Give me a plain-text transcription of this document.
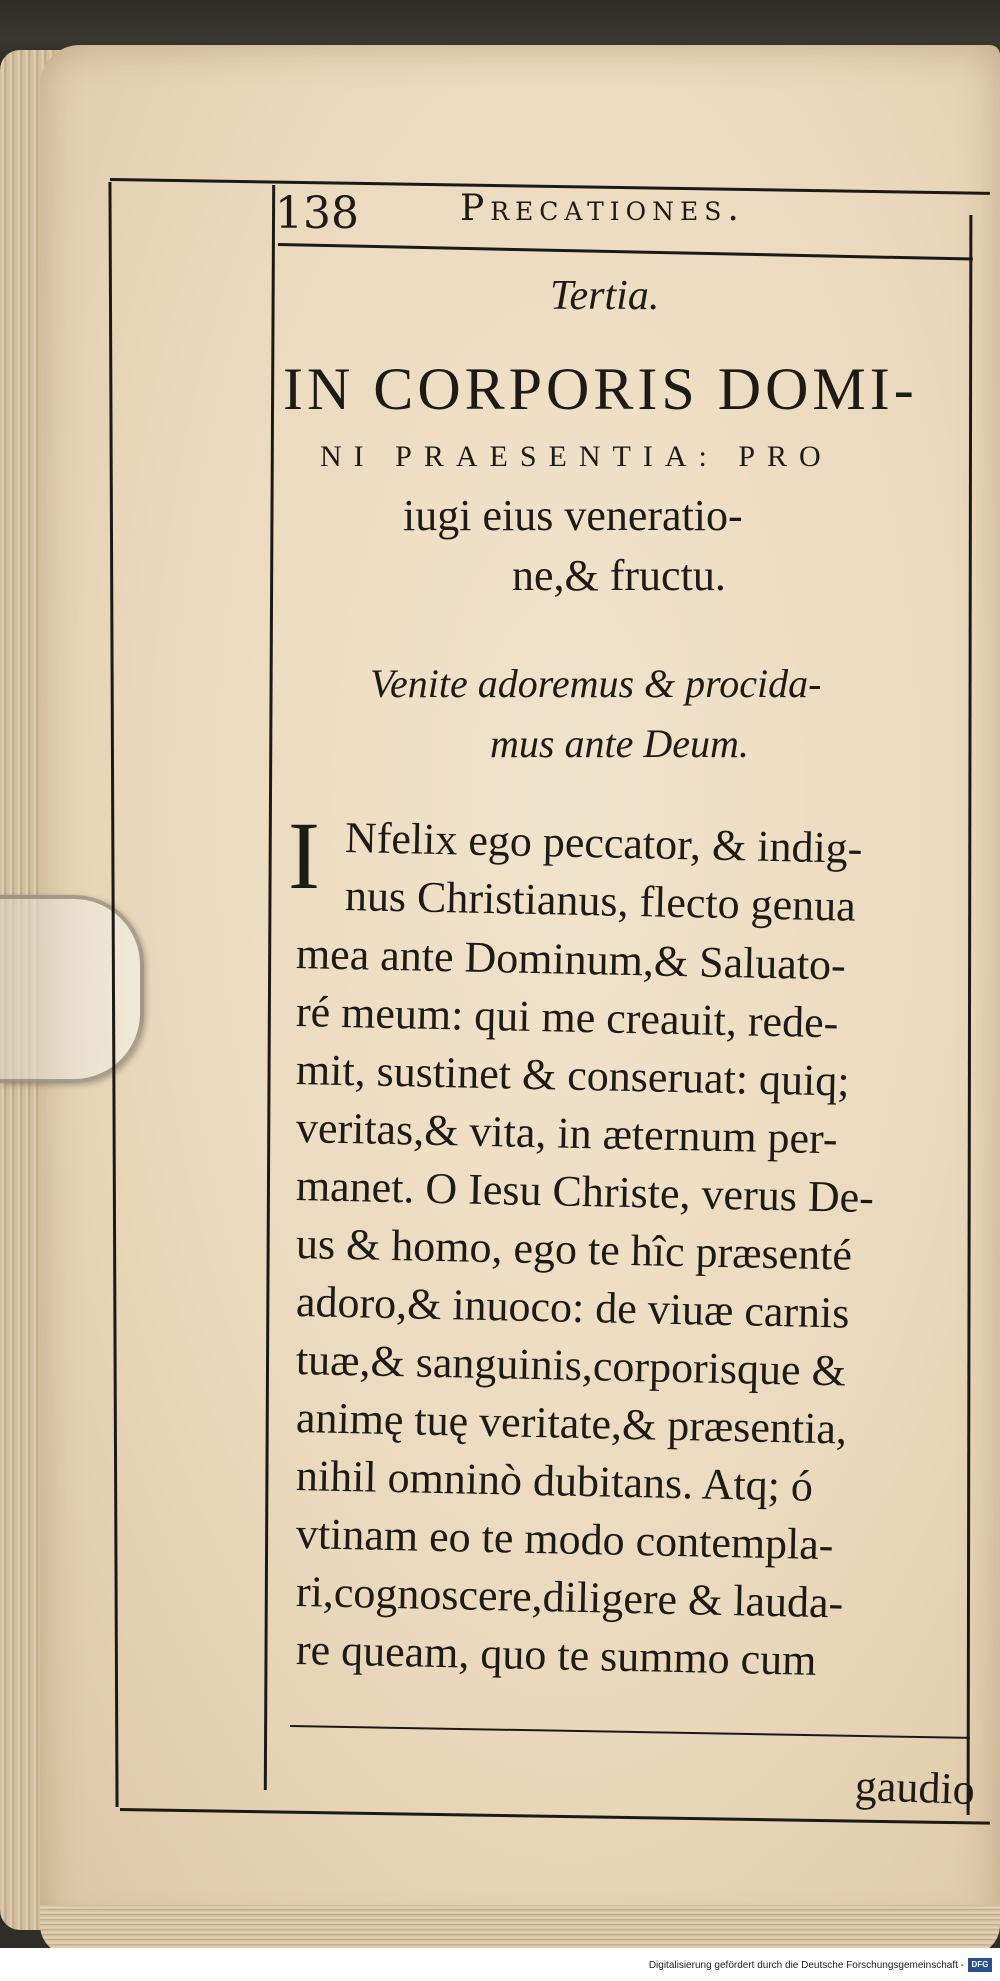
138	Precationes.
Tertia.
IN CORPORIS DOMI-
NI PRAESENTIA: PRO
iugi eius veneratio-
ne,& fructu.
Venite adoremus & procida-
mus ante Deum.
I Nfelix ego peccator, & indig-
nus Christianus, flecto genua
mea ante Dominum,& Saluato-
ré meum: qui me creauit, rede-
mit, sustinet & conseruat: quiq;
veritas,& vita, in æternum per-
manet. O Iesu Christe, verus De-
us & homo, ego te hîc præsenté
adoro,& inuoco: de viuæ carnis
tuæ,& sanguinis,corporisque &
animę tuę veritate,& præsentia,
nihil omninò dubitans. Atq; ó
vtinam eo te modo contempla-
ri,cognoscere,diligere & lauda-
re queam, quo te summo cum
gaudio
Digitalisierung gefördert durch die Deutsche Forschungsgemeinschaft - DFG
